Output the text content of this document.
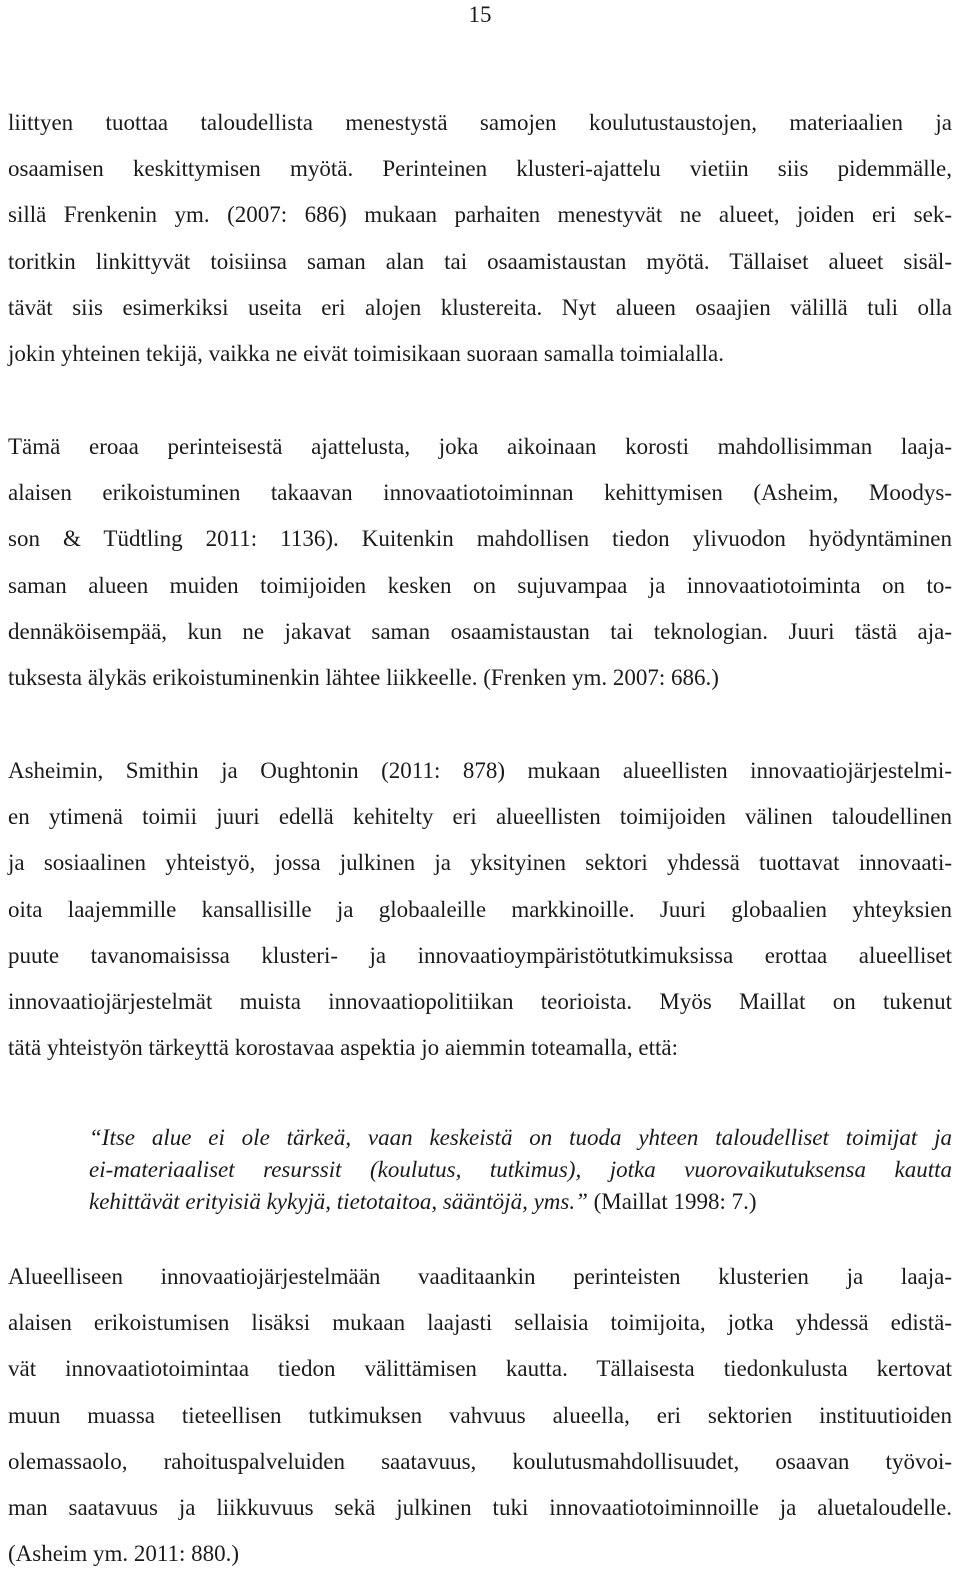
15
liittyen tuottaa taloudellista menestystä samojen koulutustaustojen, materiaalien ja
osaamisen keskittymisen myötä. Perinteinen klusteri-ajattelu vietiin siis pidemmälle,
sillä Frenkenin ym. (2007: 686) mukaan parhaiten menestyvät ne alueet, joiden eri sek-
toritkin linkittyvät toisiinsa saman alan tai osaamistaustan myötä. Tällaiset alueet sisäl-
tävät siis esimerkiksi useita eri alojen klustereita. Nyt alueen osaajien välillä tuli olla
jokin yhteinen tekijä, vaikka ne eivät toimisikaan suoraan samalla toimialalla.
Tämä eroaa perinteisestä ajattelusta, joka aikoinaan korosti mahdollisimman laaja-
alaisen erikoistuminen takaavan innovaatiotoiminnan kehittymisen (Asheim, Moodys-
son & Tüdtling 2011: 1136). Kuitenkin mahdollisen tiedon ylivuodon hyödyntäminen
saman alueen muiden toimijoiden kesken on sujuvampaa ja innovaatiotoiminta on to-
dennäköisempää, kun ne jakavat saman osaamistaustan tai teknologian. Juuri tästä aja-
tuksesta älykäs erikoistuminenkin lähtee liikkeelle. (Frenken ym. 2007: 686.)
Asheimin, Smithin ja Oughtonin (2011: 878) mukaan alueellisten innovaatiojärjestelmi-
en ytimenä toimii juuri edellä kehitelty eri alueellisten toimijoiden välinen taloudellinen
ja sosiaalinen yhteistyö, jossa julkinen ja yksityinen sektori yhdessä tuottavat innovaati-
oita laajemmille kansallisille ja globaaleille markkinoille. Juuri globaalien yhteyksien
puute tavanomaisissa klusteri- ja innovaatioympäristötutkimuksissa erottaa alueelliset
innovaatiojärjestelmät muista innovaatiopolitiikan teorioista. Myös Maillat on tukenut
tätä yhteistyön tärkeyttä korostavaa aspektia jo aiemmin toteamalla, että:
“Itse alue ei ole tärkeä, vaan keskeistä on tuoda yhteen taloudelliset toimijat ja
ei-materiaaliset resurssit (koulutus, tutkimus), jotka vuorovaikutuksensa kautta
kehittävät erityisiä kykyjä, tietotaitoa, sääntöjä, yms.” (Maillat 1998: 7.)
Alueelliseen innovaatiojärjestelmään vaaditaankin perinteisten klusterien ja laaja-
alaisen erikoistumisen lisäksi mukaan laajasti sellaisia toimijoita, jotka yhdessä edistä-
vät innovaatiotoimintaa tiedon välittämisen kautta. Tällaisesta tiedonkulusta kertovat
muun muassa tieteellisen tutkimuksen vahvuus alueella, eri sektorien instituutioiden
olemassaolo, rahoituspalveluiden saatavuus, koulutusmahdollisuudet, osaavan työvoi-
man saatavuus ja liikkuvuus sekä julkinen tuki innovaatiotoiminnoille ja aluetaloudelle.
(Asheim ym. 2011: 880.)
